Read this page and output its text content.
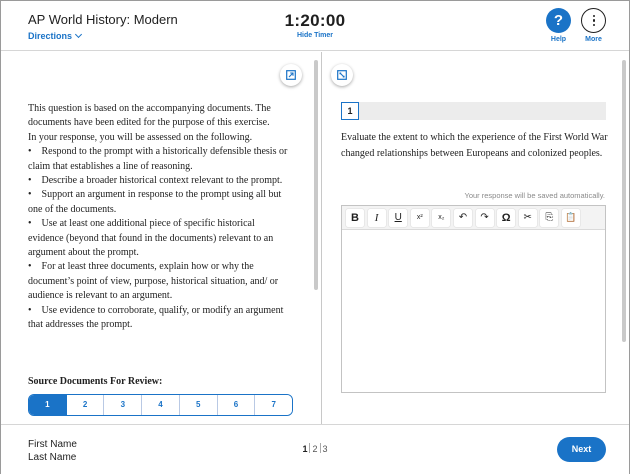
AP World History: Modern
Directions
1:20:00
Hide Timer
?
Help	More
This question is based on the accompanying documents. The documents have been edited for the purpose of this exercise.
In your response, you will be assessed on the following.
•    Respond to the prompt with a historically defensible thesis or claim that establishes a line of reasoning.
•    Describe a broader historical context relevant to the prompt.
•    Support an argument in response to the prompt using all but one of the documents.
•    Use at least one additional piece of specific historical evidence (beyond that found in the documents) relevant to an argument about the prompt.
•    For at least three documents, explain how or why the document’s point of view, purpose, historical situation, and/ or audience is relevant to an argument.
•    Use evidence to corroborate, qualify, or modify an argument that addresses the prompt.
Source Documents For Review:
1	2	3	4	5	6	7
1
Evaluate the extent to which the experience of the First World War changed relationships between Europeans and colonized peoples.
Your response will be saved automatically.
B	I	U	x²	x₂	↶ ↷ Ω ✂ ⎘ 📋
First Name
Last Name
1 2 3	Next
